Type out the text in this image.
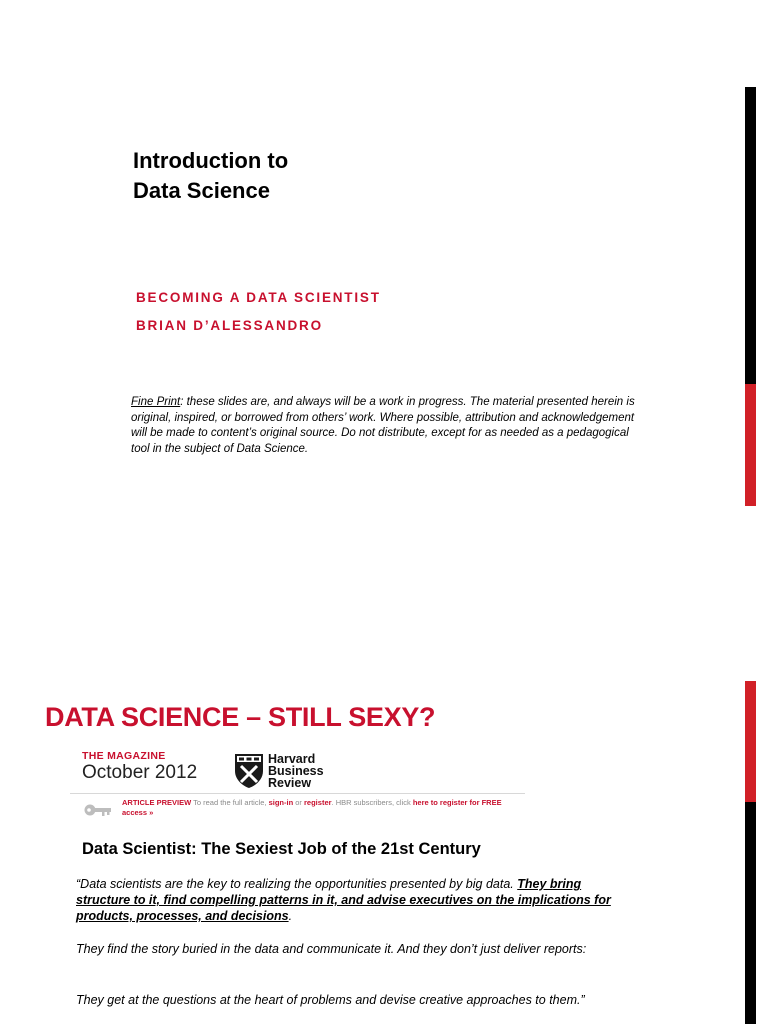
Introduction to
Data Science

BECOMING A DATA SCIENTIST

BRIAN D’ALESSANDRO

Fine Print: these slides are, and always will be a work in progress. The material presented herein is original, inspired, or borrowed from others’ work. Where possible, attribution and acknowledgement will be made to content’s original source. Do not distribute, except for as needed as a pedagogical tool in the subject of Data Science.

DATA SCIENCE – STILL SEXY?
THE MAGAZINE
October 2012
Harvard
Business
Review
ARTICLE PREVIEW To read the full article, sign-in or register. HBR subscribers, click here to register for FREE access »
Data Scientist: The Sexiest Job of the 21st Century

“Data scientists are the key to realizing the opportunities presented by big data. They bring structure to it, find compelling patterns in it, and advise executives on the implications for products, processes, and decisions.

They find the story buried in the data and communicate it. And they don’t just deliver reports:

They get at the questions at the heart of problems and devise creative approaches to them.”
